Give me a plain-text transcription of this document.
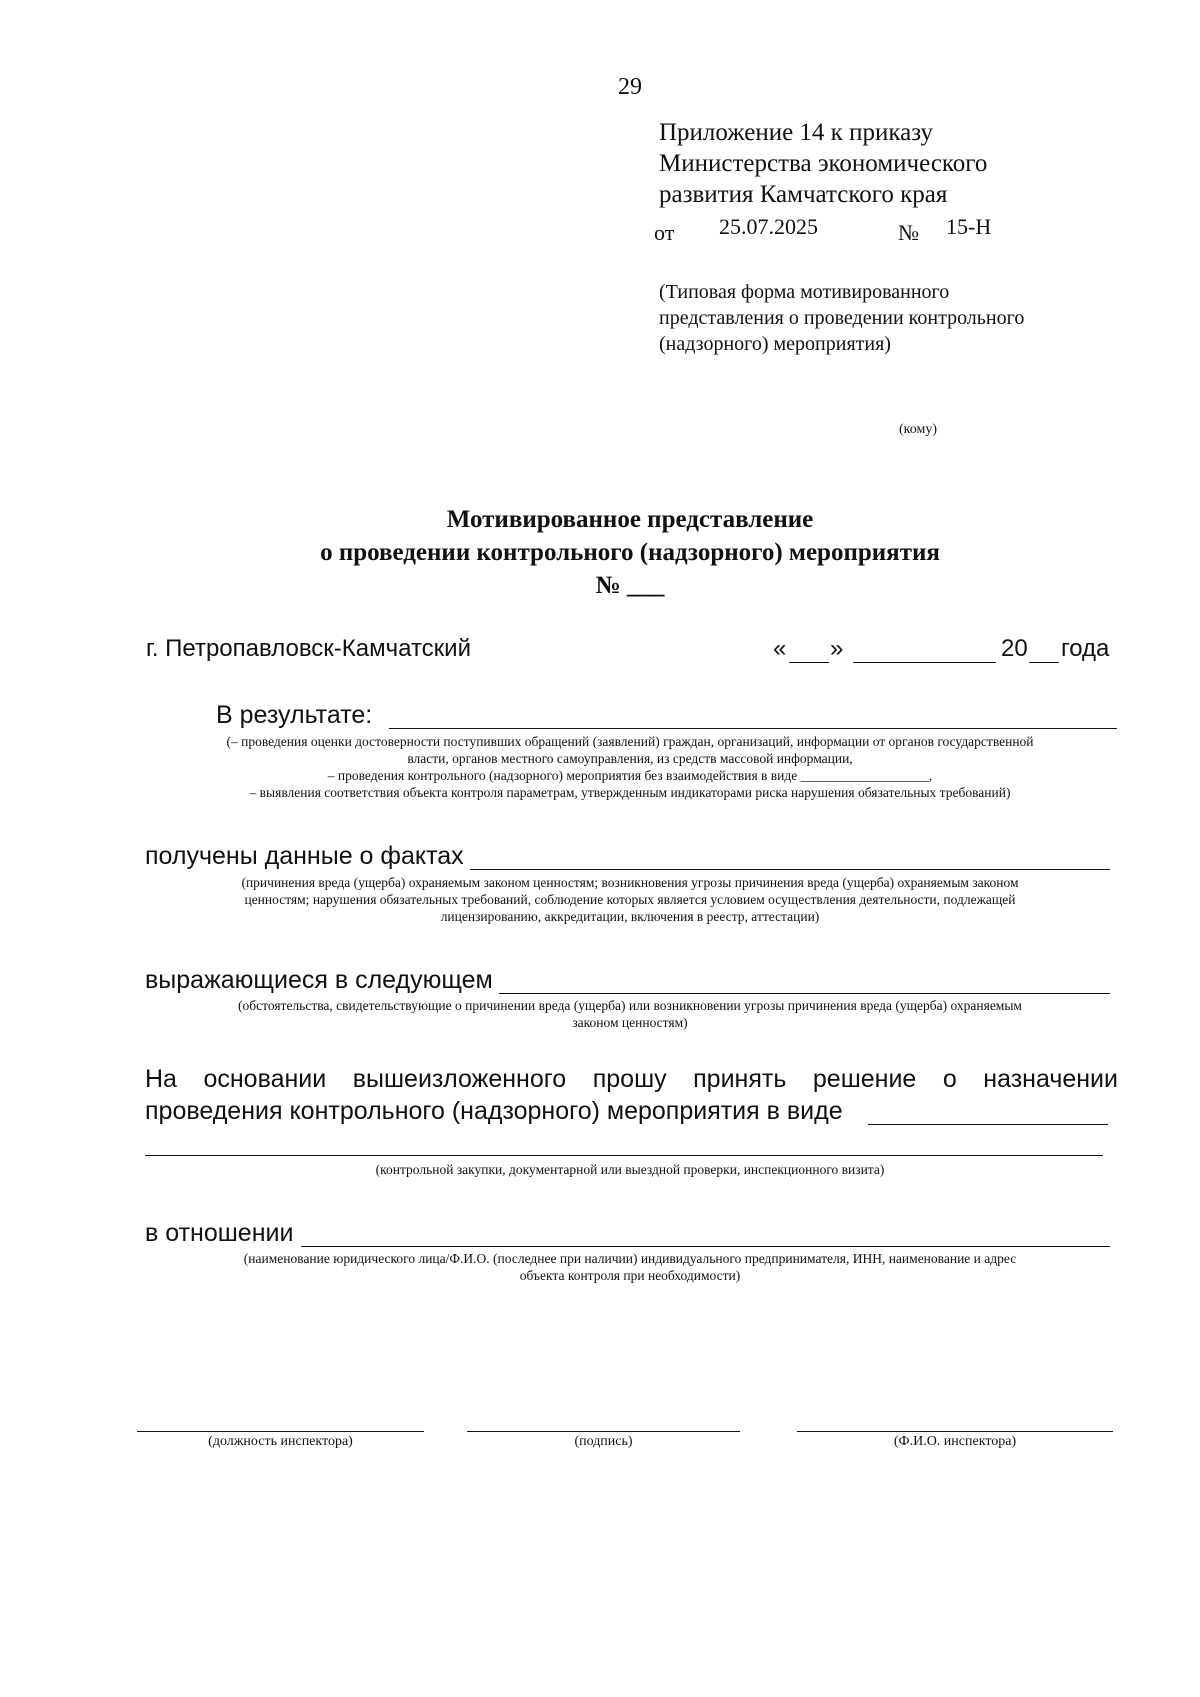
29
Приложение 14 к приказу
Министерства экономического
развития Камчатского края
от 25.07.2025	№ 15-Н
(Типовая форма мотивированного
представления о проведении контрольного
(надзорного) мероприятия)
(кому)
Мотивированное представление
о проведении контрольного (надзорного) мероприятия
№ ___
г. Петропавловск-Камчатский	« »	20 года
В результате:
(– проведения оценки достоверности поступивших обращений (заявлений) граждан, организаций, информации от органов государственной
власти, органов местного самоуправления, из средств массовой информации,
– проведения контрольного (надзорного) мероприятия без взаимодействия в виде ___________________,
– выявления соответствия объекта контроля параметрам, утвержденным индикаторами риска нарушения обязательных требований)
получены данные о фактах
(причинения вреда (ущерба) охраняемым законом ценностям; возникновения угрозы причинения вреда (ущерба) охраняемым законом
ценностям; нарушения обязательных требований, соблюдение которых является условием осуществления деятельности, подлежащей
лицензированию, аккредитации, включения в реестр, аттестации)
выражающиеся в следующем
(обстоятельства, свидетельствующие о причинении вреда (ущерба) или возникновении угрозы причинения вреда (ущерба) охраняемым
законом ценностям)
На основании вышеизложенного прошу принять решение о назначении
проведения контрольного (надзорного) мероприятия в виде
(контрольной закупки, документарной или выездной проверки, инспекционного визита)
в отношении
(наименование юридического лица/Ф.И.О. (последнее при наличии) индивидуального предпринимателя, ИНН, наименование и адрес
объекта контроля при необходимости)
(должность инспектора)	(подпись)	(Ф.И.О. инспектора)
